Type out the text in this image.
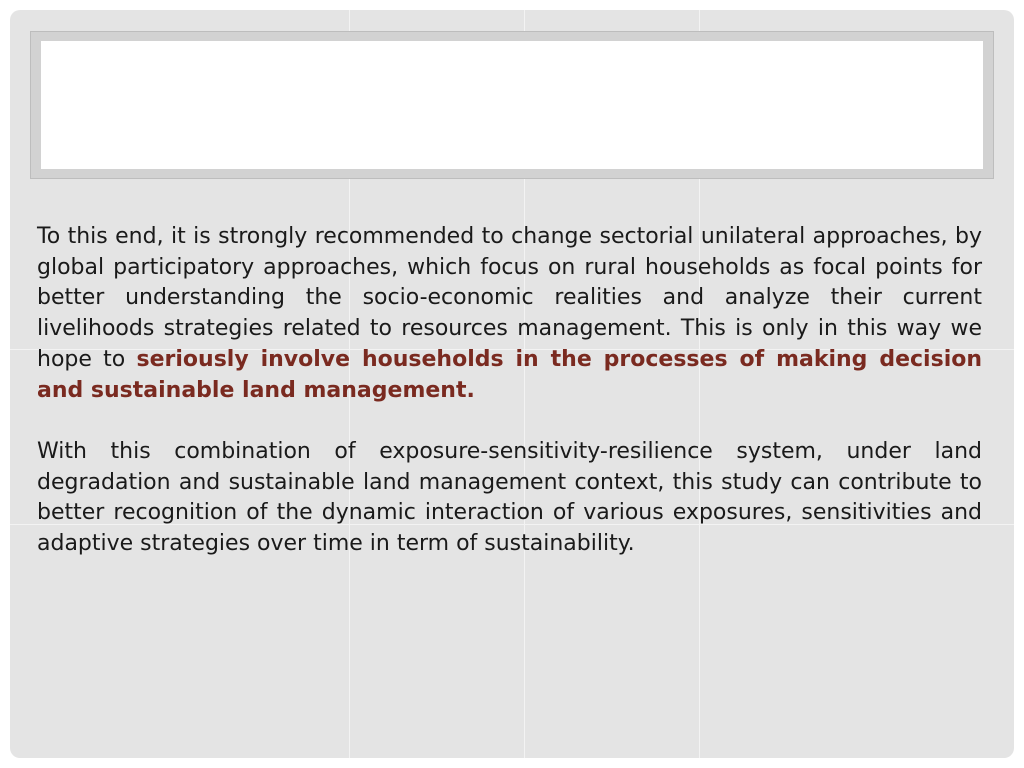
To this end, it is strongly recommended to change sectorial unilateral approaches, by global participatory approaches, which focus on rural households as focal points for better understanding the socio-economic realities and analyze their current livelihoods strategies related to resources management. This is only in this way we hope to seriously involve households in the processes of making decision and sustainable land management.

With this combination of exposure-sensitivity-resilience system, under land degradation and sustainable land management context, this study can contribute to better recognition of the dynamic interaction of various exposures, sensitivities and adaptive strategies over time in term of sustainability.
